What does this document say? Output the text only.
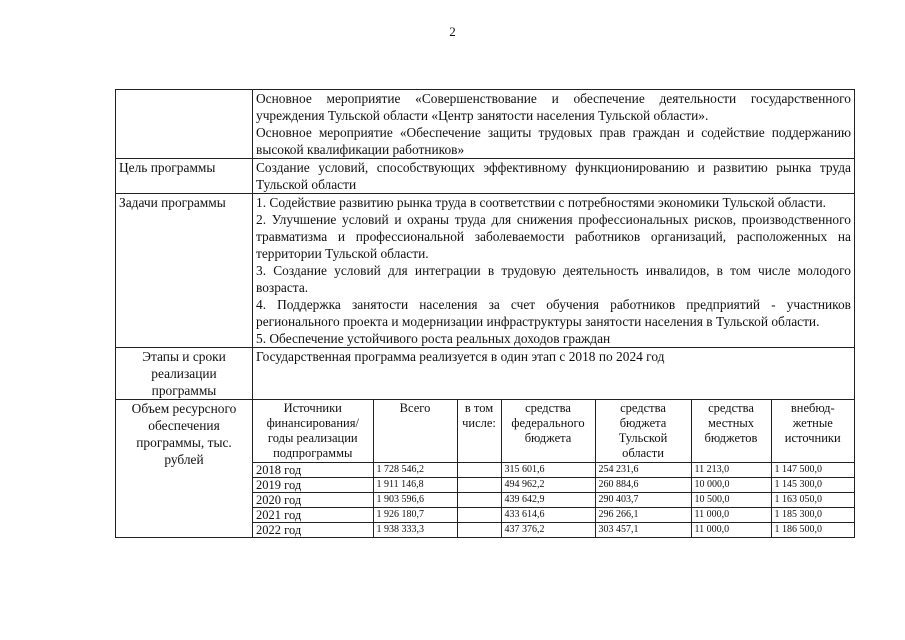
2

Основное мероприятие «Совершенствование и обеспечение деятельности государственного учреждения Тульской области «Центр занятости населения Тульской области».

Основное мероприятие «Обеспечение защиты трудовых прав граждан и содействие поддержанию высокой квалификации работников»

Цель программы	Создание условий, способствующих эффективному функционированию и развитию рынка труда Тульской области
Задачи программы	1. Содействие развитию рынка труда в соответствии с потребностями экономики Тульской области.

2. Улучшение условий и охраны труда для снижения профессиональных рисков, производственного травматизма и профессиональной заболеваемости работников организаций, расположенных на территории Тульской области.

3. Создание условий для интеграции в трудовую деятельность инвалидов, в том числе молодого возраста.

4. Поддержка занятости населения за счет обучения работников предприятий - участников регионального проекта и модернизации инфраструктуры занятости населения в Тульской области.

5. Обеспечение устойчивого роста реальных доходов граждан

Этапы и сроки реализации программы	Государственная программа реализуется в один этап с 2018 по 2024 год
Объем ресурсного обеспечения программы, тыс. рублей	
Источники финансирования/ годы реализации подпрограммы	Всего	в том числе:	средства федерального бюджета	средства бюджета Тульской области	средства местных бюджетов	внебюд-жетные источники
2018 год	1 728 546,2		315 601,6	254 231,6	11 213,0	1 147 500,0
2019 год	1 911 146,8		494 962,2	260 884,6	10 000,0	1 145 300,0
2020 год	1 903 596,6		439 642,9	290 403,7	10 500,0	1 163 050,0
2021 год	1 926 180,7		433 614,6	296 266,1	11 000,0	1 185 300,0
2022 год	1 938 333,3		437 376,2	303 457,1	11 000,0	1 186 500,0
